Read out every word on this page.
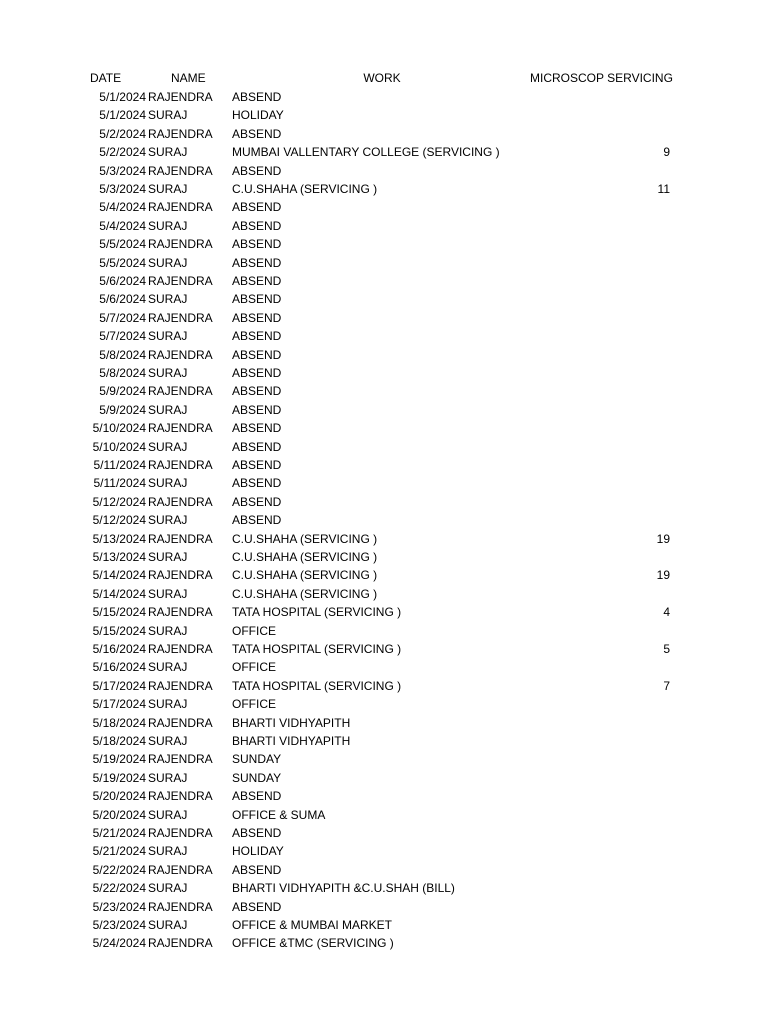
DATE	NAME	WORK	MICROSCOP SERVICING
5/1/2024 RAJENDRA	ABSEND
5/1/2024 SURAJ	HOLIDAY
5/2/2024 RAJENDRA	ABSEND
5/2/2024 SURAJ	MUMBAI VALLENTARY COLLEGE (SERVICING )	9
5/3/2024 RAJENDRA	ABSEND
5/3/2024 SURAJ	C.U.SHAHA (SERVICING )	11
5/4/2024 RAJENDRA	ABSEND
5/4/2024 SURAJ	ABSEND
5/5/2024 RAJENDRA	ABSEND
5/5/2024 SURAJ	ABSEND
5/6/2024 RAJENDRA	ABSEND
5/6/2024 SURAJ	ABSEND
5/7/2024 RAJENDRA	ABSEND
5/7/2024 SURAJ	ABSEND
5/8/2024 RAJENDRA	ABSEND
5/8/2024 SURAJ	ABSEND
5/9/2024 RAJENDRA	ABSEND
5/9/2024 SURAJ	ABSEND
5/10/2024 RAJENDRA	ABSEND
5/10/2024 SURAJ	ABSEND
5/11/2024 RAJENDRA	ABSEND
5/11/2024 SURAJ	ABSEND
5/12/2024 RAJENDRA	ABSEND
5/12/2024 SURAJ	ABSEND
5/13/2024 RAJENDRA	C.U.SHAHA (SERVICING )	19
5/13/2024 SURAJ	C.U.SHAHA (SERVICING )
5/14/2024 RAJENDRA	C.U.SHAHA (SERVICING )	19
5/14/2024 SURAJ	C.U.SHAHA (SERVICING )
5/15/2024 RAJENDRA	TATA HOSPITAL (SERVICING )	4
5/15/2024 SURAJ	OFFICE
5/16/2024 RAJENDRA	TATA HOSPITAL (SERVICING )	5
5/16/2024 SURAJ	OFFICE
5/17/2024 RAJENDRA	TATA HOSPITAL (SERVICING )	7
5/17/2024 SURAJ	OFFICE
5/18/2024 RAJENDRA	BHARTI VIDHYAPITH
5/18/2024 SURAJ	BHARTI VIDHYAPITH
5/19/2024 RAJENDRA	SUNDAY
5/19/2024 SURAJ	SUNDAY
5/20/2024 RAJENDRA	ABSEND
5/20/2024 SURAJ	OFFICE & SUMA
5/21/2024 RAJENDRA	ABSEND
5/21/2024 SURAJ	HOLIDAY
5/22/2024 RAJENDRA	ABSEND
5/22/2024 SURAJ	BHARTI VIDHYAPITH &C.U.SHAH (BILL)
5/23/2024 RAJENDRA	ABSEND
5/23/2024 SURAJ	OFFICE & MUMBAI MARKET
5/24/2024 RAJENDRA	OFFICE &TMC (SERVICING )
